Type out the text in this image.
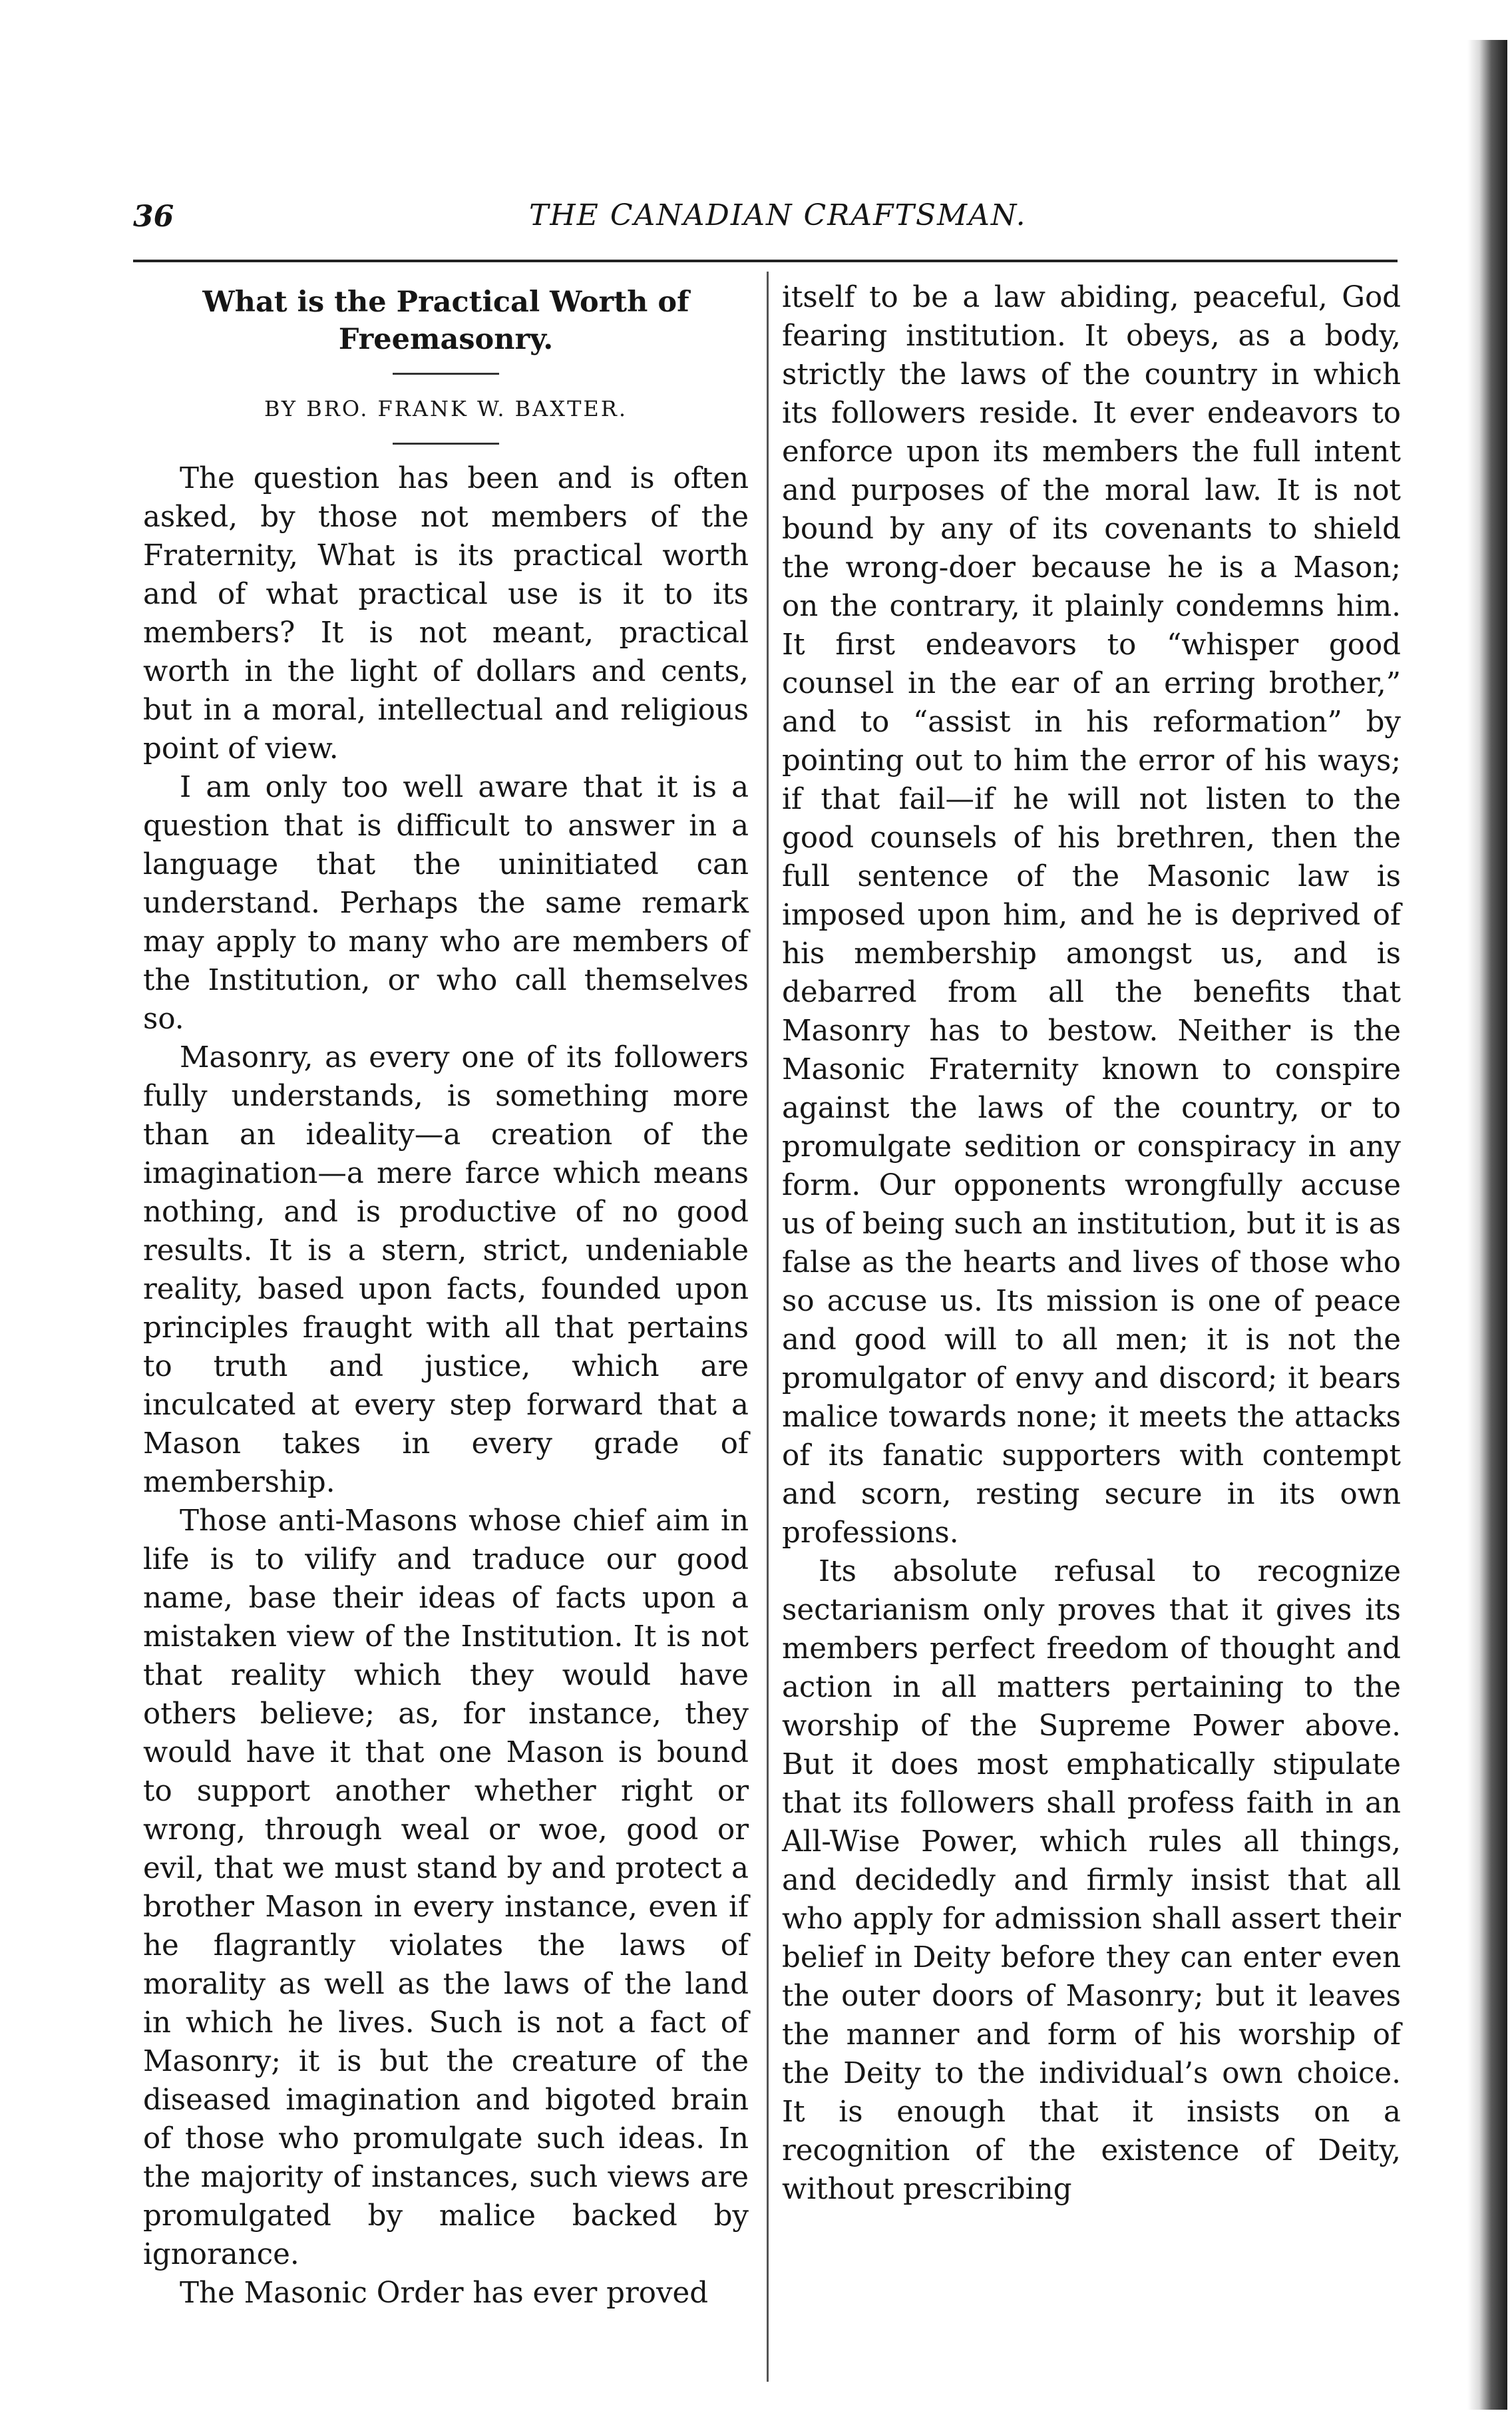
36	THE CANADIAN CRAFTSMAN.
What is the Practical Worth of Freemasonry.

BY BRO. FRANK W. BAXTER.

The question has been and is often asked, by those not members of the Fraternity, What is its practical worth and of what practical use is it to its members? It is not meant, practical worth in the light of dollars and cents, but in a moral, intellectual and religious point of view.

I am only too well aware that it is a question that is difficult to answer in a language that the uninitiated can understand. Perhaps the same remark may apply to many who are members of the Institution, or who call themselves so.

Masonry, as every one of its followers fully understands, is something more than an ideality—a creation of the imagination—a mere farce which means nothing, and is productive of no good results. It is a stern, strict, undeniable reality, based upon facts, founded upon principles fraught with all that pertains to truth and justice, which are inculcated at every step forward that a Mason takes in every grade of membership.

Those anti-Masons whose chief aim in life is to vilify and traduce our good name, base their ideas of facts upon a mistaken view of the Institution. It is not that reality which they would have others believe; as, for instance, they would have it that one Mason is bound to support another whether right or wrong, through weal or woe, good or evil, that we must stand by and protect a brother Mason in every instance, even if he flagrantly violates the laws of morality as well as the laws of the land in which he lives. Such is not a fact of Masonry; it is but the creature of the diseased imagination and bigoted brain of those who promulgate such ideas. In the majority of instances, such views are promulgated by malice backed by ignorance.

The Masonic Order has ever proved

itself to be a law abiding, peaceful, God fearing institution. It obeys, as a body, strictly the laws of the country in which its followers reside. It ever endeavors to enforce upon its members the full intent and purposes of the moral law. It is not bound by any of its covenants to shield the wrong-doer because he is a Mason; on the contrary, it plainly condemns him. It first endeavors to “whisper good counsel in the ear of an erring brother,” and to “assist in his reformation” by pointing out to him the error of his ways; if that fail—if he will not listen to the good counsels of his brethren, then the full sentence of the Masonic law is imposed upon him, and he is deprived of his membership amongst us, and is debarred from all the benefits that Masonry has to bestow. Neither is the Masonic Fraternity known to conspire against the laws of the country, or to promulgate sedition or conspiracy in any form. Our opponents wrongfully accuse us of being such an institution, but it is as false as the hearts and lives of those who so accuse us. Its mission is one of peace and good will to all men; it is not the promulgator of envy and discord; it bears malice towards none; it meets the attacks of its fanatic supporters with contempt and scorn, resting secure in its own professions.

Its absolute refusal to recognize sectarianism only proves that it gives its members perfect freedom of thought and action in all matters pertaining to the worship of the Supreme Power above. But it does most emphatically stipulate that its followers shall profess faith in an All-Wise Power, which rules all things, and decidedly and firmly insist that all who apply for admission shall assert their belief in Deity before they can enter even the outer doors of Masonry; but it leaves the manner and form of his worship of the Deity to the individual’s own choice. It is enough that it insists on a recognition of the existence of Deity, without prescribing
